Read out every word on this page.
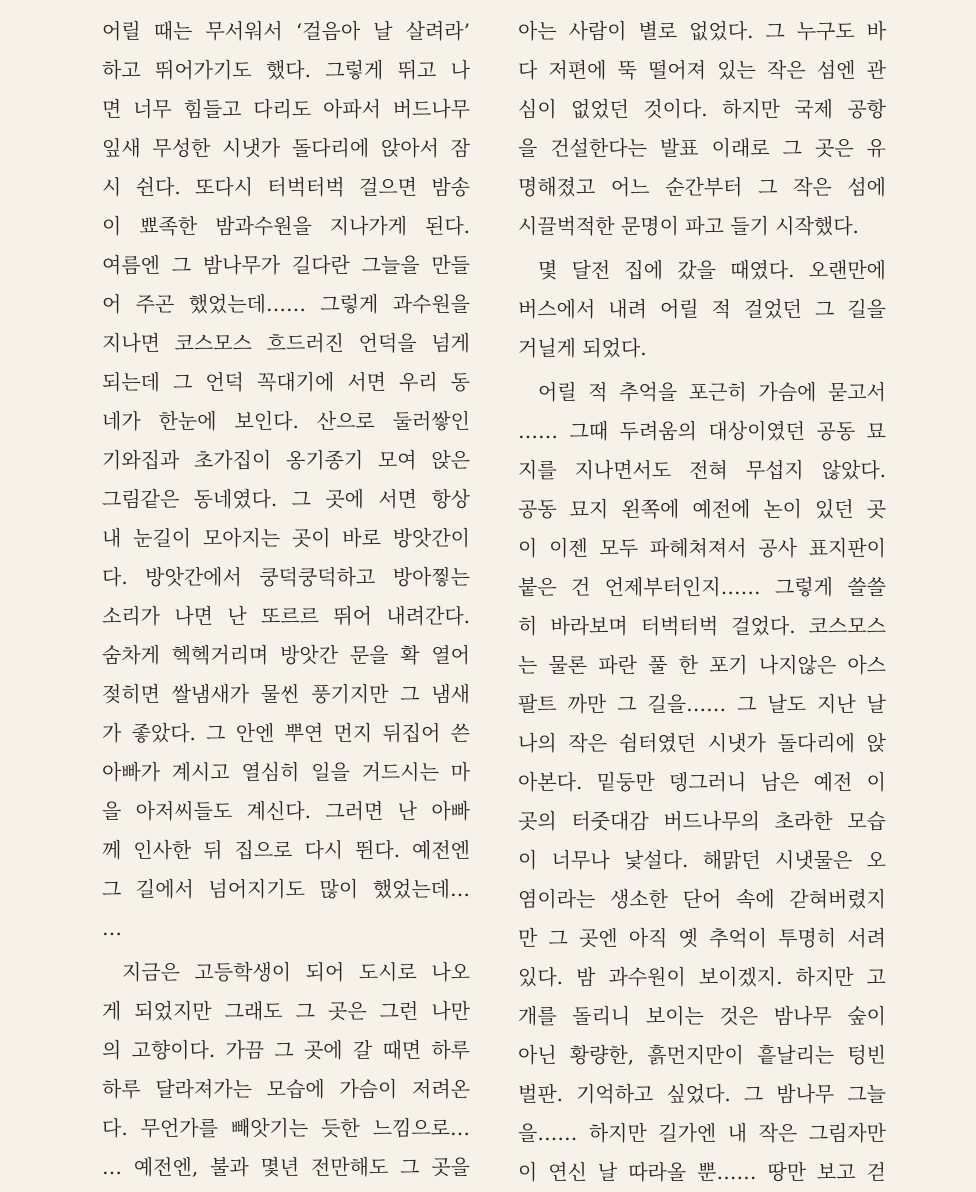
어릴 때는 무서워서 ‘걸음아 날 살려라’
하고 뛰어가기도 했다. 그렇게 뛰고 나
면 너무 힘들고 다리도 아파서 버드나무
잎새 무성한 시냇가 돌다리에 앉아서 잠
시 쉰다. 또다시 터벅터벅 걸으면 밤송
이 뾰족한 밤과수원을 지나가게 된다.
여름엔 그 밤나무가 길다란 그늘을 만들
어 주곤 했었는데…… 그렇게 과수원을
지나면 코스모스 흐드러진 언덕을 넘게
되는데 그 언덕 꼭대기에 서면 우리 동
네가 한눈에 보인다. 산으로 둘러쌓인
기와집과 초가집이 옹기종기 모여 앉은
그림같은 동네였다. 그 곳에 서면 항상
내 눈길이 모아지는 곳이 바로 방앗간이
다. 방앗간에서 쿵덕쿵덕하고 방아찧는
소리가 나면 난 또르르 뛰어 내려간다.
숨차게 헥헥거리며 방앗간 문을 확 열어
젖히면 쌀냄새가 물씬 풍기지만 그 냄새
가 좋았다. 그 안엔 뿌연 먼지 뒤집어 쓴
아빠가 계시고 열심히 일을 거드시는 마
을 아저씨들도 계신다. 그러면 난 아빠
께 인사한 뒤 집으로 다시 뛴다. 예전엔
그 길에서 넘어지기도 많이 했었는데…
…
지금은 고등학생이 되어 도시로 나오
게 되었지만 그래도 그 곳은 그런 나만
의 고향이다. 가끔 그 곳에 갈 때면 하루
하루 달라져가는 모습에 가슴이 저려온
다. 무언가를 빼앗기는 듯한 느낌으로…
… 예전엔, 불과 몇년 전만해도 그 곳을
아는 사람이 별로 없었다. 그 누구도 바
다 저편에 뚝 떨어져 있는 작은 섬엔 관
심이 없었던 것이다. 하지만 국제 공항
을 건설한다는 발표 이래로 그 곳은 유
명해졌고 어느 순간부터 그 작은 섬에
시끌벅적한 문명이 파고 들기 시작했다.
몇 달전 집에 갔을 때였다. 오랜만에
버스에서 내려 어릴 적 걸었던 그 길을
거닐게 되었다.
어릴 적 추억을 포근히 가슴에 묻고서
…… 그때 두려움의 대상이였던 공동 묘
지를 지나면서도 전혀 무섭지 않았다.
공동 묘지 왼쪽에 예전에 논이 있던 곳
이 이젠 모두 파헤쳐져서 공사 표지판이
붙은 건 언제부터인지…… 그렇게 쓸쓸
히 바라보며 터벅터벅 걸었다. 코스모스
는 물론 파란 풀 한 포기 나지않은 아스
팔트 까만 그 길을…… 그 날도 지난 날
나의 작은 쉼터였던 시냇가 돌다리에 앉
아본다. 밑둥만 뎅그러니 남은 예전 이
곳의 터줏대감 버드나무의 초라한 모습
이 너무나 낯설다. 해맑던 시냇물은 오
염이라는 생소한 단어 속에 갇혀버렸지
만 그 곳엔 아직 옛 추억이 투명히 서려
있다. 밤 과수원이 보이겠지. 하지만 고
개를 돌리니 보이는 것은 밤나무 숲이
아닌 황량한, 흙먼지만이 흩날리는 텅빈
벌판. 기억하고 싶었다. 그 밤나무 그늘
을…… 하지만 길가엔 내 작은 그림자만
이 연신 날 따라올 뿐…… 땅만 보고 걷
